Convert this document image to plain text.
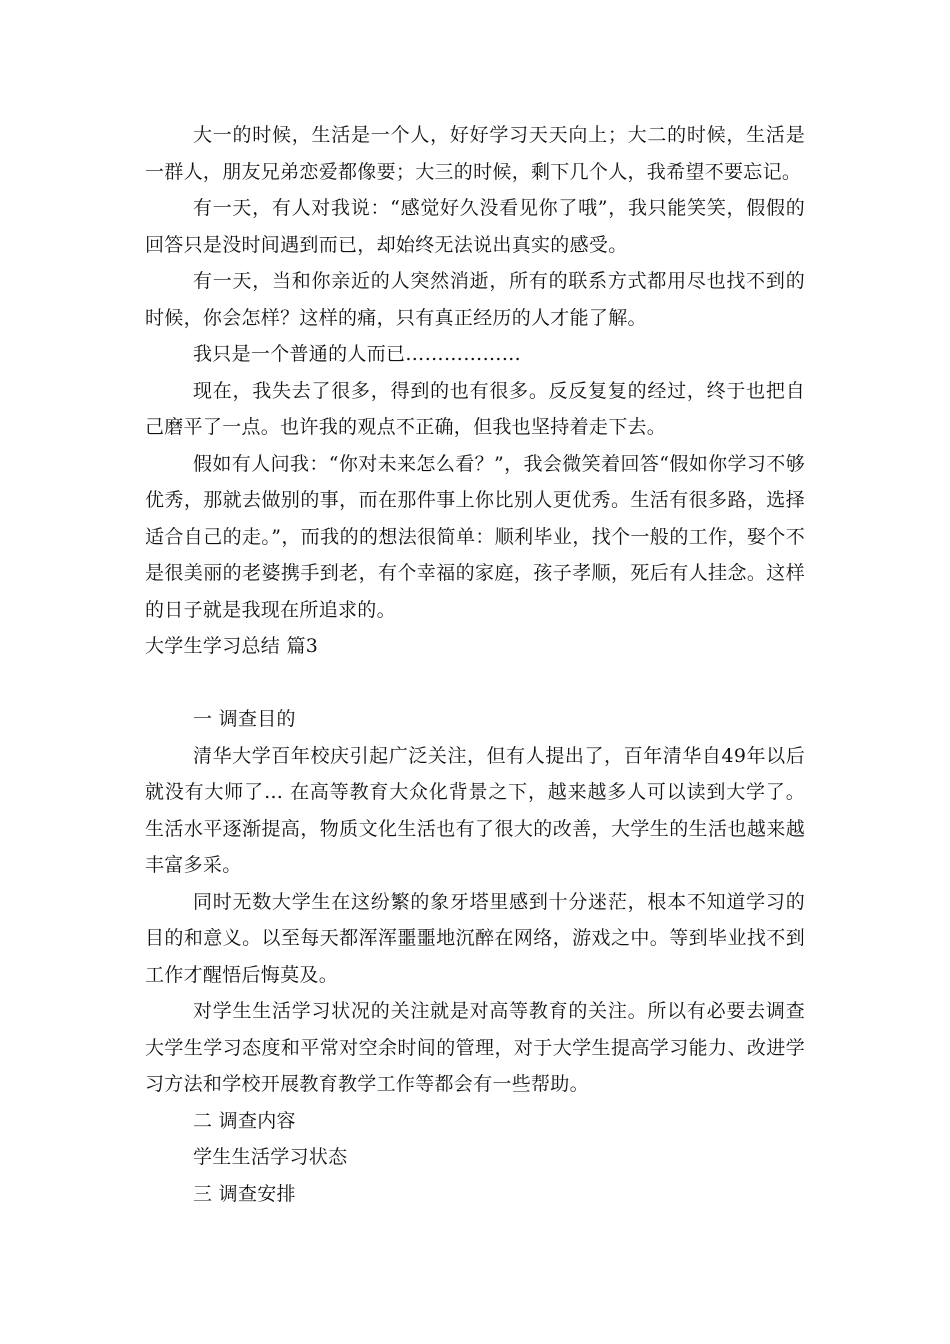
大一的时候，生活是一个人，好好学习天天向上；大二的时候，生活是一群人，朋友兄弟恋爱都像要；大三的时候，剩下几个人，我希望不要忘记。

有一天，有人对我说：“感觉好久没看见你了哦”，我只能笑笑，假假的回答只是没时间遇到而已，却始终无法说出真实的感受。

有一天，当和你亲近的人突然消逝，所有的联系方式都用尽也找不到的时候，你会怎样？这样的痛，只有真正经历的人才能了解。

我只是一个普通的人而已………………

现在，我失去了很多，得到的也有很多。反反复复的经过，终于也把自己磨平了一点。也许我的观点不正确，但我也坚持着走下去。

假如有人问我：“你对未来怎么看？”，我会微笑着回答“假如你学习不够优秀，那就去做别的事，而在那件事上你比别人更优秀。生活有很多路，选择适合自己的走。”，而我的的想法很简单：顺利毕业，找个一般的工作，娶个不是很美丽的老婆携手到老，有个幸福的家庭，孩子孝顺，死后有人挂念。这样的日子就是我现在所追求的。

大学生学习总结 篇3

一 调查目的

清华大学百年校庆引起广泛关注，但有人提出了，百年清华自49年以后就没有大师了… 在高等教育大众化背景之下，越来越多人可以读到大学了。生活水平逐渐提高，物质文化生活也有了很大的改善，大学生的生活也越来越丰富多采。

同时无数大学生在这纷繁的象牙塔里感到十分迷茫，根本不知道学习的目的和意义。以至每天都浑浑噩噩地沉醉在网络，游戏之中。等到毕业找不到工作才醒悟后悔莫及。

对学生生活学习状况的关注就是对高等教育的关注。所以有必要去调查大学生学习态度和平常对空余时间的管理，对于大学生提高学习能力、改进学习方法和学校开展教育教学工作等都会有一些帮助。

二 调查内容

学生生活学习状态

三 调查安排
